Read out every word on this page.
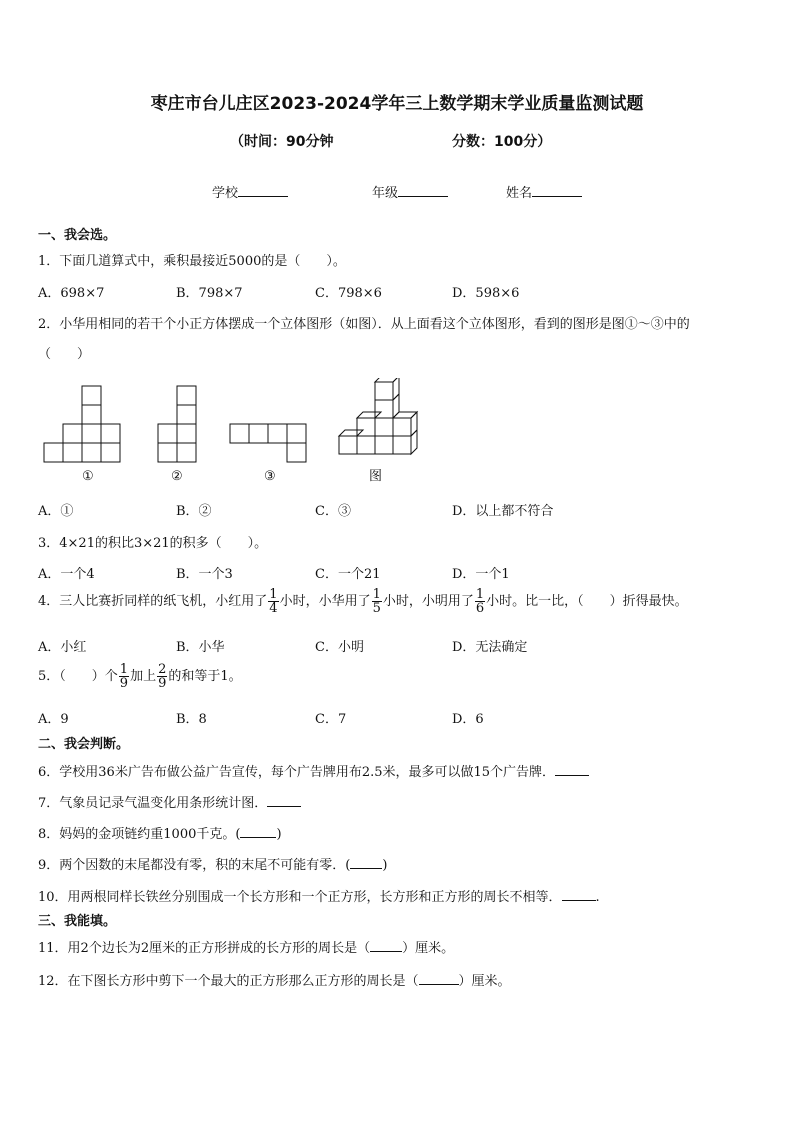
枣庄市台儿庄区2023-2024学年三上数学期末学业质量监测试题
（时间：90分钟	分数：100分）
学校	年级	姓名
一、我会选。
1．下面几道算式中，乘积最接近5000的是（　　）。
A．698×7	B．798×7	C．798×6	D．598×6
2．小华用相同的若干个小正方体摆成一个立体图形（如图）．从上面看这个立体图形，看到的图形是图①～③中的
（　　）
①	②	③	图
A．①	B．②	C．③	D．以上都不符合
3．4×21的积比3×21的积多（　　）。
A．一个4	B．一个3	C．一个21	D．一个1
4．三人比赛折同样的纸飞机，小红用了 $\frac{1}{4}$ 小时，小华用了 $\frac{1}{5}$ 小时，小明用了 $\frac{1}{6}$ 小时。比一比，（　　）折得最快。
A．小红	B．小华	C．小明	D．无法确定
5．（　　）个 $\frac{1}{9}$ 加上 $\frac{2}{9}$ 的和等于1。
A．9	B．8	C．7	D．6
二、我会判断。
6．学校用36米广告布做公益广告宣传，每个广告牌用布2.5米，最多可以做15个广告牌．
7．气象员记录气温变化用条形统计图．
8．妈妈的金项链约重1000千克。(	)
9．两个因数的末尾都没有零，积的末尾不可能有零．( )
10．用两根同样长铁丝分别围成一个长方形和一个正方形，长方形和正方形的周长不相等．	.
三、我能填。
11．用2个边长为2厘米的正方形拼成的长方形的周长是（ ）厘米。
12．在下图长方形中剪下一个最大的正方形那么正方形的周长是（	）厘米。
